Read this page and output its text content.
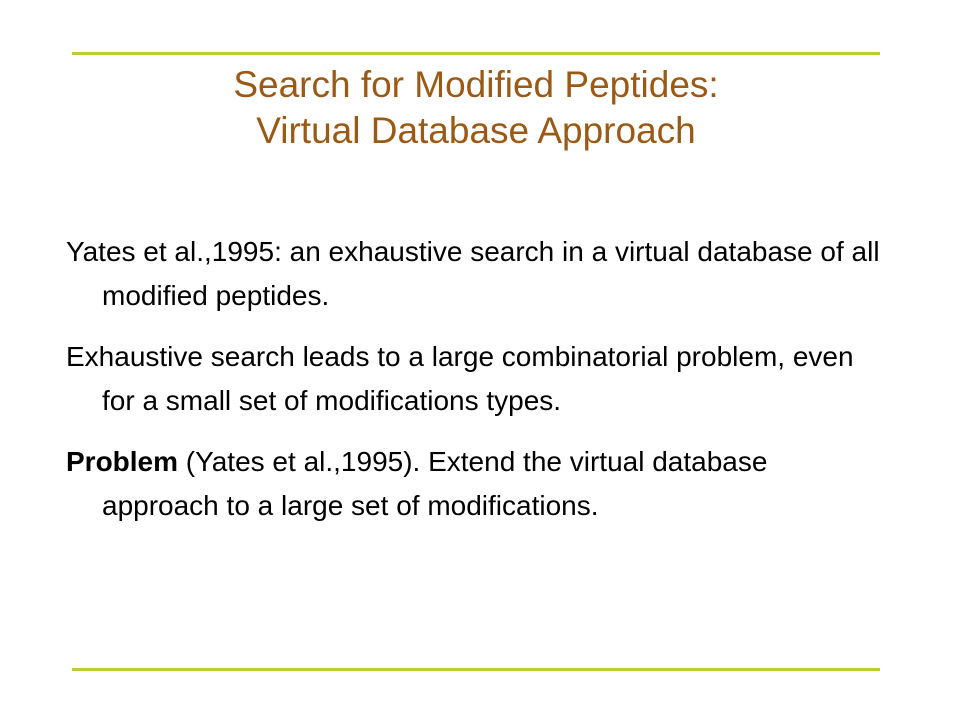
Search for Modified Peptides:
Virtual Database Approach

Yates et al.,1995: an exhaustive search in a virtual database of all modified peptides.

Exhaustive search leads to a large combinatorial problem, even for a small set of modifications types.

Problem (Yates et al.,1995). Extend the virtual database approach to a large set of modifications.
